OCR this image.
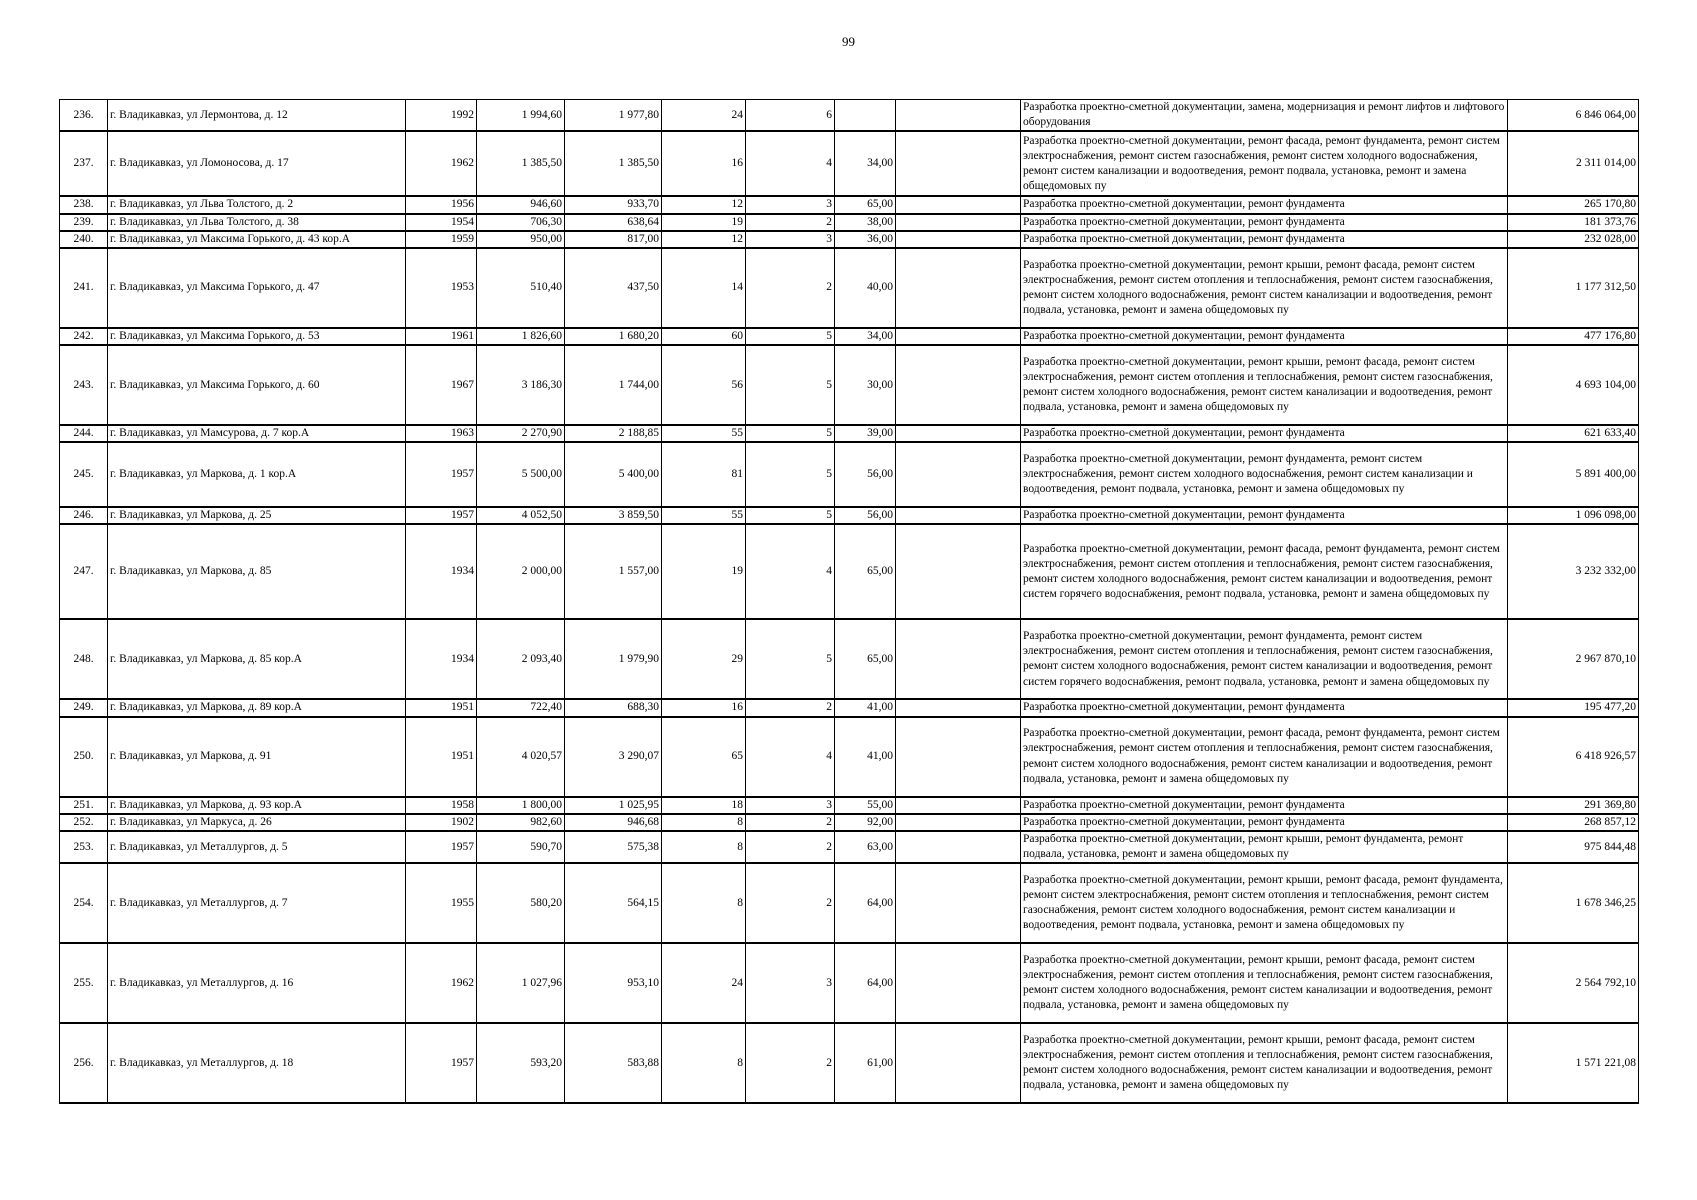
99
236.	г. Владикавказ, ул Лермонтова, д. 12	1992	1 994,60	1 977,80	24	6			Разработка проектно-сметной документации, замена, модернизация и ремонт лифтов и лифтового оборудования	6 846 064,00
237.	г. Владикавказ, ул Ломоносова, д. 17	1962	1 385,50	1 385,50	16	4	34,00		Разработка проектно-сметной документации, ремонт фасада, ремонт фундамента, ремонт систем электроснабжения, ремонт систем газоснабжения, ремонт систем холодного водоснабжения, ремонт систем канализации и водоотведения, ремонт подвала, установка, ремонт и замена общедомовых пу	2 311 014,00
238.	г. Владикавказ, ул Льва Толстого, д. 2	1956	946,60	933,70	12	3	65,00		Разработка проектно-сметной документации, ремонт фундамента	265 170,80
239.	г. Владикавказ, ул Льва Толстого, д. 38	1954	706,30	638,64	19	2	38,00		Разработка проектно-сметной документации, ремонт фундамента	181 373,76
240.	г. Владикавказ, ул Максима Горького, д. 43 кор.А	1959	950,00	817,00	12	3	36,00		Разработка проектно-сметной документации, ремонт фундамента	232 028,00
241.	г. Владикавказ, ул Максима Горького, д. 47	1953	510,40	437,50	14	2	40,00		Разработка проектно-сметной документации, ремонт крыши, ремонт фасада, ремонт систем электроснабжения, ремонт систем отопления и теплоснабжения, ремонт систем газоснабжения, ремонт систем холодного водоснабжения, ремонт систем канализации и водоотведения, ремонт подвала, установка, ремонт и замена общедомовых пу	1 177 312,50
242.	г. Владикавказ, ул Максима Горького, д. 53	1961	1 826,60	1 680,20	60	5	34,00		Разработка проектно-сметной документации, ремонт фундамента	477 176,80
243.	г. Владикавказ, ул Максима Горького, д. 60	1967	3 186,30	1 744,00	56	5	30,00		Разработка проектно-сметной документации, ремонт крыши, ремонт фасада, ремонт систем электроснабжения, ремонт систем отопления и теплоснабжения, ремонт систем газоснабжения, ремонт систем холодного водоснабжения, ремонт систем канализации и водоотведения, ремонт подвала, установка, ремонт и замена общедомовых пу	4 693 104,00
244.	г. Владикавказ, ул Мамсурова, д. 7 кор.А	1963	2 270,90	2 188,85	55	5	39,00		Разработка проектно-сметной документации, ремонт фундамента	621 633,40
245.	г. Владикавказ, ул Маркова, д. 1 кор.А	1957	5 500,00	5 400,00	81	5	56,00		Разработка проектно-сметной документации, ремонт фундамента, ремонт систем электроснабжения, ремонт систем холодного водоснабжения, ремонт систем канализации и водоотведения, ремонт подвала, установка, ремонт и замена общедомовых пу	5 891 400,00
246.	г. Владикавказ, ул Маркова, д. 25	1957	4 052,50	3 859,50	55	5	56,00		Разработка проектно-сметной документации, ремонт фундамента	1 096 098,00
247.	г. Владикавказ, ул Маркова, д. 85	1934	2 000,00	1 557,00	19	4	65,00		Разработка проектно-сметной документации, ремонт фасада, ремонт фундамента, ремонт систем электроснабжения, ремонт систем отопления и теплоснабжения, ремонт систем газоснабжения, ремонт систем холодного водоснабжения, ремонт систем канализации и водоотведения, ремонт систем горячего водоснабжения, ремонт подвала, установка, ремонт и замена общедомовых пу	3 232 332,00
248.	г. Владикавказ, ул Маркова, д. 85 кор.А	1934	2 093,40	1 979,90	29	5	65,00		Разработка проектно-сметной документации, ремонт фундамента, ремонт систем электроснабжения, ремонт систем отопления и теплоснабжения, ремонт систем газоснабжения, ремонт систем холодного водоснабжения, ремонт систем канализации и водоотведения, ремонт систем горячего водоснабжения, ремонт подвала, установка, ремонт и замена общедомовых пу	2 967 870,10
249.	г. Владикавказ, ул Маркова, д. 89 кор.А	1951	722,40	688,30	16	2	41,00		Разработка проектно-сметной документации, ремонт фундамента	195 477,20
250.	г. Владикавказ, ул Маркова, д. 91	1951	4 020,57	3 290,07	65	4	41,00		Разработка проектно-сметной документации, ремонт фасада, ремонт фундамента, ремонт систем электроснабжения, ремонт систем отопления и теплоснабжения, ремонт систем газоснабжения, ремонт систем холодного водоснабжения, ремонт систем канализации и водоотведения, ремонт подвала, установка, ремонт и замена общедомовых пу	6 418 926,57
251.	г. Владикавказ, ул Маркова, д. 93 кор.А	1958	1 800,00	1 025,95	18	3	55,00		Разработка проектно-сметной документации, ремонт фундамента	291 369,80
252.	г. Владикавказ, ул Маркуса, д. 26	1902	982,60	946,68	8	2	92,00		Разработка проектно-сметной документации, ремонт фундамента	268 857,12
253.	г. Владикавказ, ул Металлургов, д. 5	1957	590,70	575,38	8	2	63,00		Разработка проектно-сметной документации, ремонт крыши, ремонт фундамента, ремонт подвала, установка, ремонт и замена общедомовых пу	975 844,48
254.	г. Владикавказ, ул Металлургов, д. 7	1955	580,20	564,15	8	2	64,00		Разработка проектно-сметной документации, ремонт крыши, ремонт фасада, ремонт фундамента, ремонт систем электроснабжения, ремонт систем отопления и теплоснабжения, ремонт систем газоснабжения, ремонт систем холодного водоснабжения, ремонт систем канализации и водоотведения, ремонт подвала, установка, ремонт и замена общедомовых пу	1 678 346,25
255.	г. Владикавказ, ул Металлургов, д. 16	1962	1 027,96	953,10	24	3	64,00		Разработка проектно-сметной документации, ремонт крыши, ремонт фасада, ремонт систем электроснабжения, ремонт систем отопления и теплоснабжения, ремонт систем газоснабжения, ремонт систем холодного водоснабжения, ремонт систем канализации и водоотведения, ремонт подвала, установка, ремонт и замена общедомовых пу	2 564 792,10
256.	г. Владикавказ, ул Металлургов, д. 18	1957	593,20	583,88	8	2	61,00		Разработка проектно-сметной документации, ремонт крыши, ремонт фасада, ремонт систем электроснабжения, ремонт систем отопления и теплоснабжения, ремонт систем газоснабжения, ремонт систем холодного водоснабжения, ремонт систем канализации и водоотведения, ремонт подвала, установка, ремонт и замена общедомовых пу	1 571 221,08
